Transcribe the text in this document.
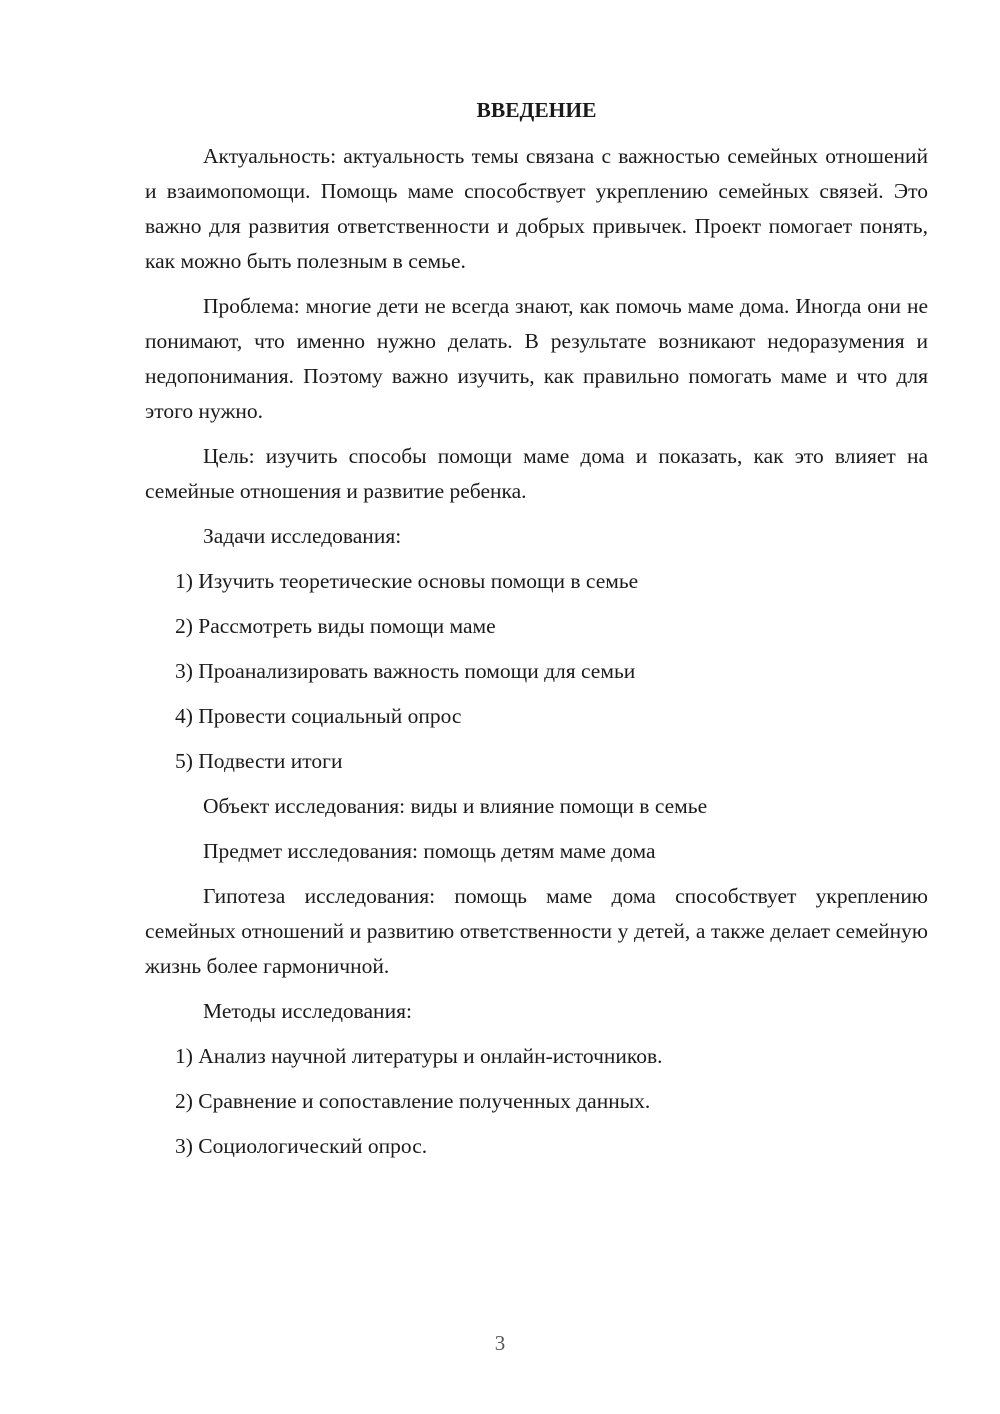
ВВЕДЕНИЕ

Актуальность: актуальность темы связана с важностью семейных отношений и взаимопомощи. Помощь маме способствует укреплению семейных связей. Это важно для развития ответственности и добрых привычек. Проект помогает понять, как можно быть полезным в семье.

Проблема: многие дети не всегда знают, как помочь маме дома. Иногда они не понимают, что именно нужно делать. В результате возникают недоразумения и недопонимания. Поэтому важно изучить, как правильно помогать маме и что для этого нужно.

Цель: изучить способы помощи маме дома и показать, как это влияет на семейные отношения и развитие ребенка.

Задачи исследования:

1) Изучить теоретические основы помощи в семье
2) Рассмотреть виды помощи маме
3) Проанализировать важность помощи для семьи
4) Провести социальный опрос
5) Подвести итоги

Объект исследования: виды и влияние помощи в семье

Предмет исследования: помощь детям маме дома

Гипотеза исследования: помощь маме дома способствует укреплению семейных отношений и развитию ответственности у детей, а также делает семейную жизнь более гармоничной.

Методы исследования:

1) Анализ научной литературы и онлайн-источников.
2) Сравнение и сопоставление полученных данных.
3) Социологический опрос.
3
